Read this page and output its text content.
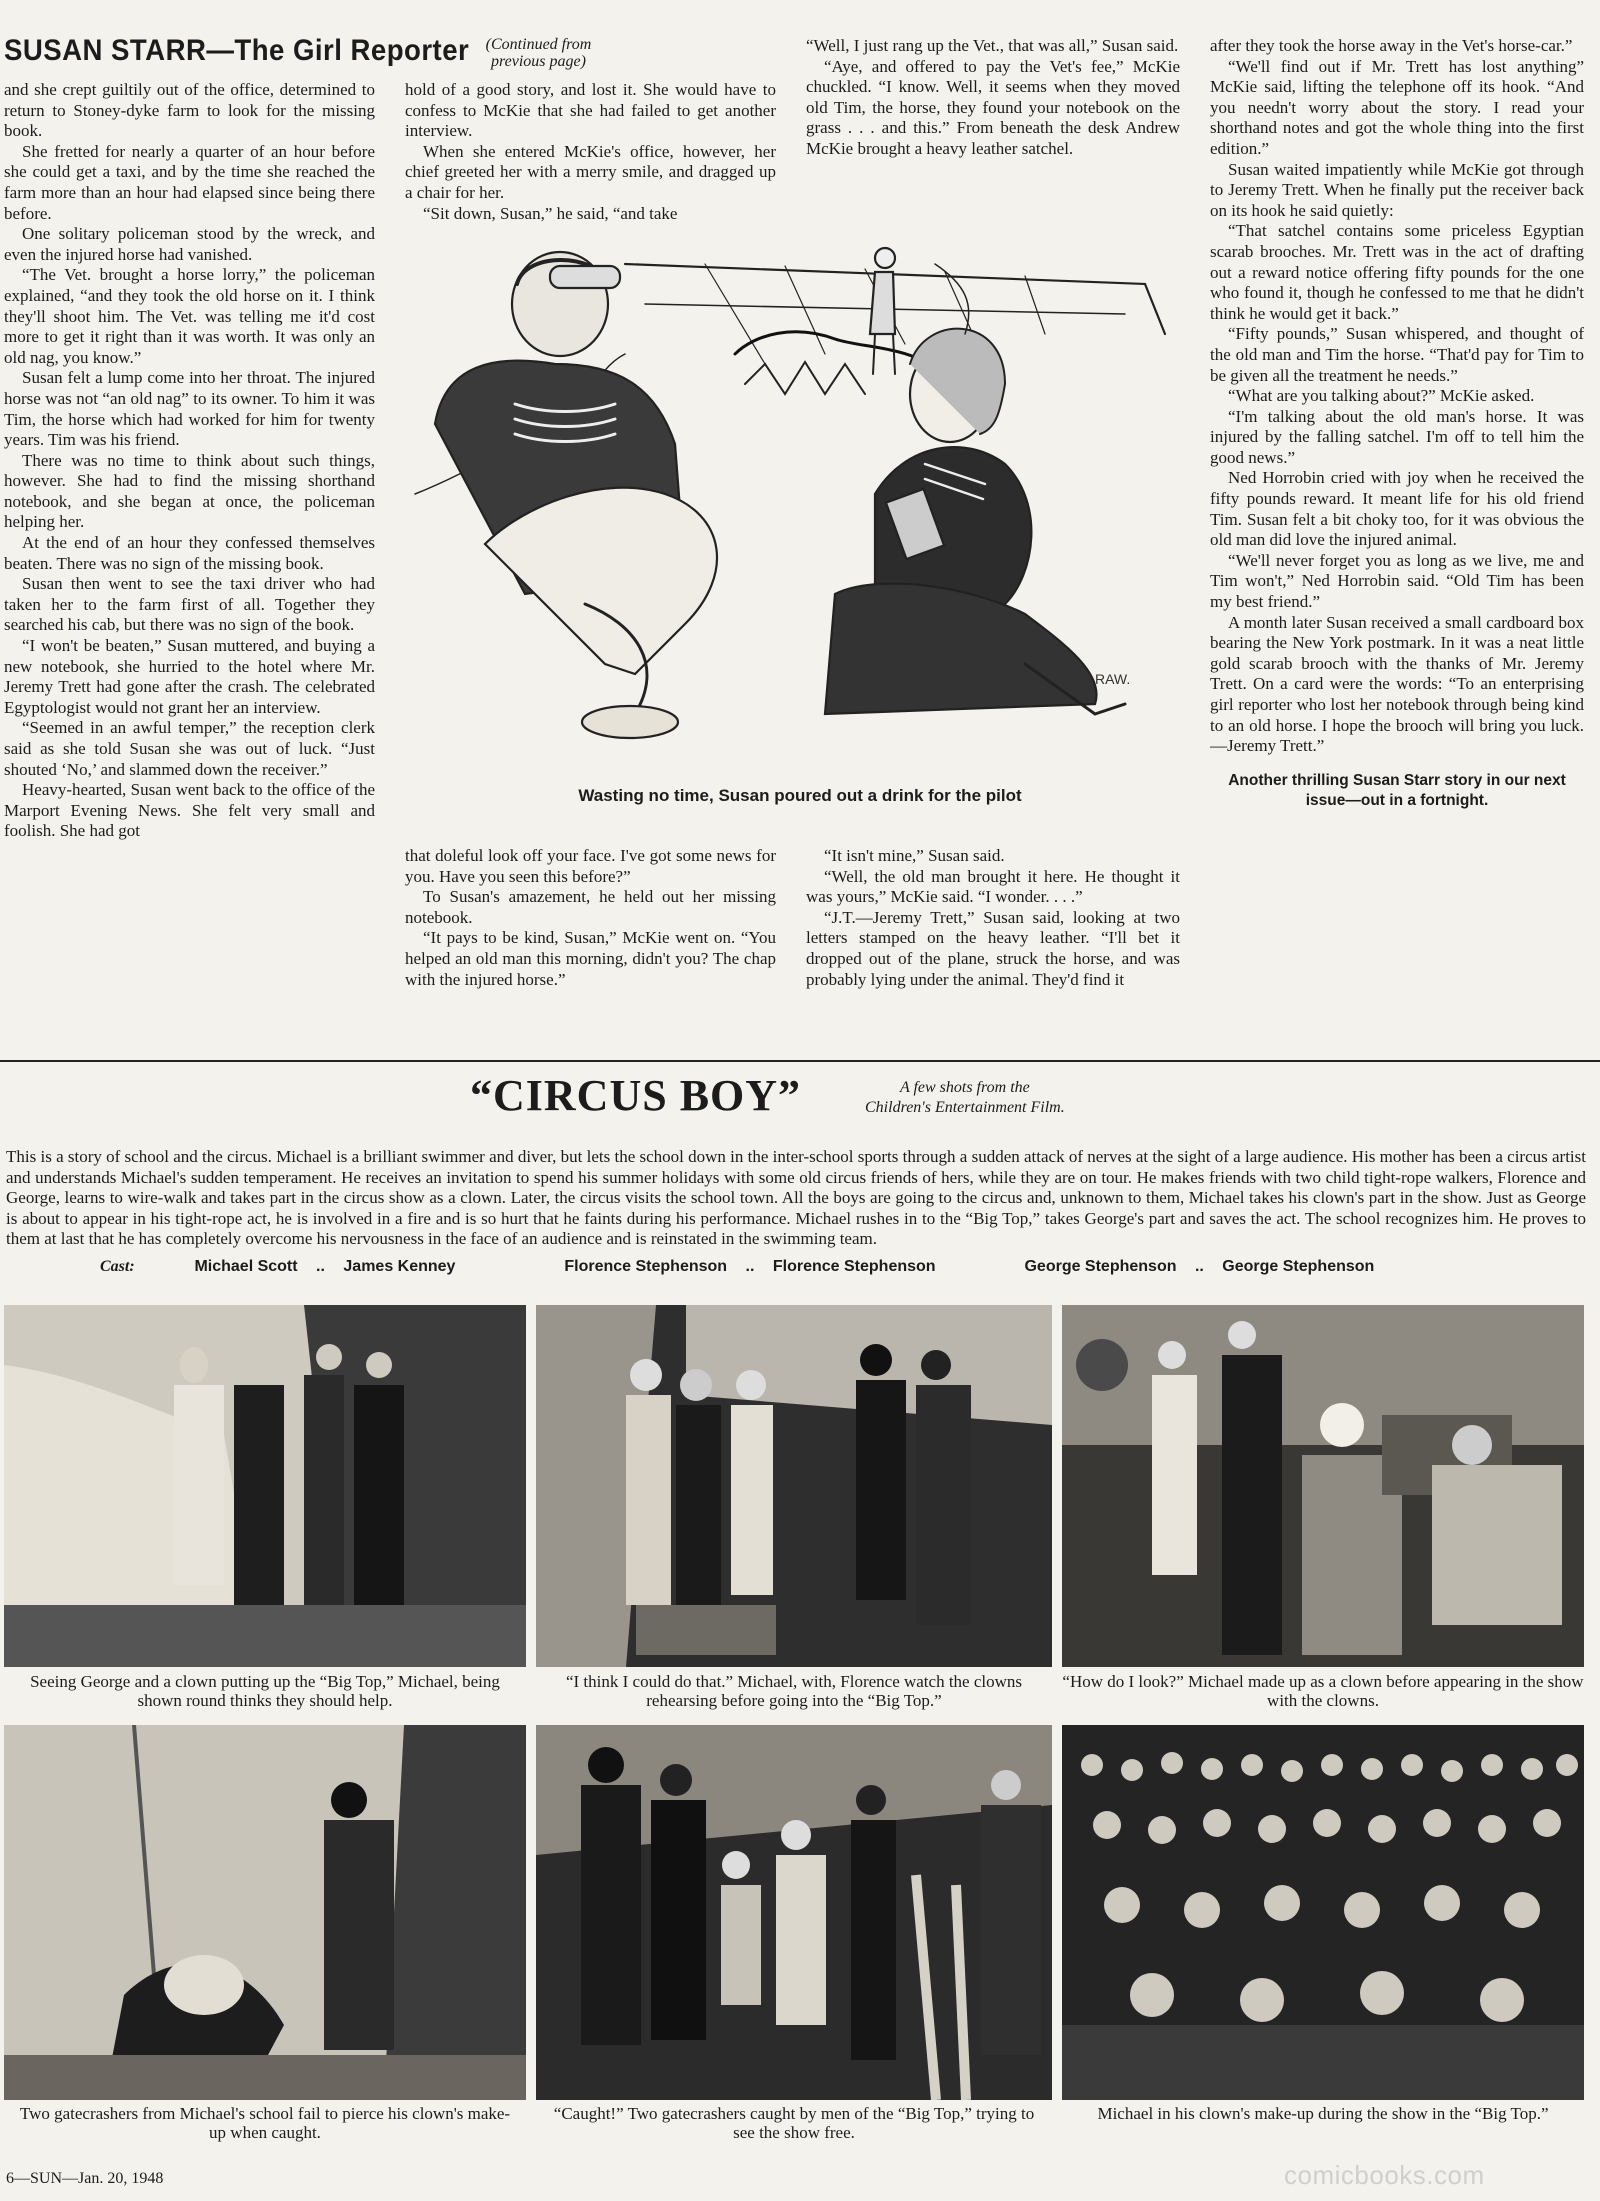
SUSAN STARR—The Girl Reporter (Continued from
previous page)

and she crept guiltily out of the office, determined to return to Stoney-dyke farm to look for the missing book.

She fretted for nearly a quarter of an hour before she could get a taxi, and by the time she reached the farm more than an hour had elapsed since being there before.

One solitary policeman stood by the wreck, and even the injured horse had vanished.

“The Vet. brought a horse lorry,” the policeman explained, “and they took the old horse on it. I think they'll shoot him. The Vet. was telling me it'd cost more to get it right than it was worth. It was only an old nag, you know.”

Susan felt a lump come into her throat. The injured horse was not “an old nag” to its owner. To him it was Tim, the horse which had worked for him for twenty years. Tim was his friend.

There was no time to think about such things, however. She had to find the missing shorthand notebook, and she began at once, the policeman helping her.

At the end of an hour they confessed themselves beaten. There was no sign of the missing book.

Susan then went to see the taxi driver who had taken her to the farm first of all. Together they searched his cab, but there was no sign of the book.

“I won't be beaten,” Susan muttered, and buying a new notebook, she hurried to the hotel where Mr. Jeremy Trett had gone after the crash. The celebrated Egyptologist would not grant her an interview.

“Seemed in an awful temper,” the reception clerk said as she told Susan she was out of luck. “Just shouted ‘No,’ and slammed down the receiver.”

Heavy-hearted, Susan went back to the office of the Marport Evening News. She felt very small and foolish. She had got

hold of a good story, and lost it. She would have to confess to McKie that she had failed to get another interview.

When she entered McKie's office, however, her chief greeted her with a merry smile, and dragged up a chair for her.

“Sit down, Susan,” he said, “and take

“Well, I just rang up the Vet., that was all,” Susan said.

“Aye, and offered to pay the Vet's fee,” McKie chuckled. “I know. Well, it seems when they moved old Tim, the horse, they found your notebook on the grass . . . and this.” From beneath the desk Andrew McKie brought a heavy leather satchel.

RAW.
Wasting no time, Susan poured out a drink for the pilot

that doleful look off your face. I've got some news for you. Have you seen this before?”

To Susan's amazement, he held out her missing notebook.

“It pays to be kind, Susan,” McKie went on. “You helped an old man this morning, didn't you? The chap with the injured horse.”

“It isn't mine,” Susan said.

“Well, the old man brought it here. He thought it was yours,” McKie said. “I wonder. . . .”

“J.T.—Jeremy Trett,” Susan said, looking at two letters stamped on the heavy leather. “I'll bet it dropped out of the plane, struck the horse, and was probably lying under the animal. They'd find it

after they took the horse away in the Vet's horse-car.”

“We'll find out if Mr. Trett has lost anything” McKie said, lifting the telephone off its hook. “And you needn't worry about the story. I read your shorthand notes and got the whole thing into the first edition.”

Susan waited impatiently while McKie got through to Jeremy Trett. When he finally put the receiver back on its hook he said quietly:

“That satchel contains some priceless Egyptian scarab brooches. Mr. Trett was in the act of drafting out a reward notice offering fifty pounds for the one who found it, though he confessed to me that he didn't think he would get it back.”

“Fifty pounds,” Susan whispered, and thought of the old man and Tim the horse. “That'd pay for Tim to be given all the treatment he needs.”

“What are you talking about?” McKie asked.

“I'm talking about the old man's horse. It was injured by the falling satchel. I'm off to tell him the good news.”

Ned Horrobin cried with joy when he received the fifty pounds reward. It meant life for his old friend Tim. Susan felt a bit choky too, for it was obvious the old man did love the injured animal.

“We'll never forget you as long as we live, me and Tim won't,” Ned Horrobin said. “Old Tim has been my best friend.”

A month later Susan received a small cardboard box bearing the New York postmark. In it was a neat little gold scarab brooch with the thanks of Mr. Jeremy Trett. On a card were the words: “To an enterprising girl reporter who lost her notebook through being kind to an old horse. I hope the brooch will bring you luck.—Jeremy Trett.”

Another thrilling Susan Starr story in our next issue—out in a fortnight.
“CIRCUS BOY”	A few shots from the
Children's Entertainment Film.

This is a story of school and the circus. Michael is a brilliant swimmer and diver, but lets the school down in the inter-school sports through a sudden attack of nerves at the sight of a large audience. His mother has been a circus artist and understands Michael's sudden temperament. He receives an invitation to spend his summer holidays with some old circus friends of hers, while they are on tour. He makes friends with two child tight-rope walkers, Florence and George, learns to wire-walk and takes part in the circus show as a clown. Later, the circus visits the school town. All the boys are going to the circus and, unknown to them, Michael takes his clown's part in the show. Just as George is about to appear in his tight-rope act, he is involved in a fire and is so hurt that he faints during his performance. Michael rushes in to the “Big Top,” takes George's part and saves the act. The school recognizes him. He proves to them at last that he has completely overcome his nervousness in the face of an audience and is reinstated in the swimming team.

Cast:	Michael Scott .. James Kenney	Florence Stephenson .. Florence Stephenson	George Stephenson .. George Stephenson
Seeing George and a clown putting up the “Big Top,” Michael, being shown round thinks they should help.
“I think I could do that.” Michael, with, Florence watch the clowns rehearsing before going into the “Big Top.”
“How do I look?” Michael made up as a clown before appearing in the show with the clowns.
Two gatecrashers from Michael's school fail to pierce his clown's make-up when caught.
“Caught!” Two gatecrashers caught by men of the “Big Top,” trying to see the show free.
Michael in his clown's make-up during the show in the “Big Top.”
6—SUN—Jan. 20, 1948	comicbooks.com
